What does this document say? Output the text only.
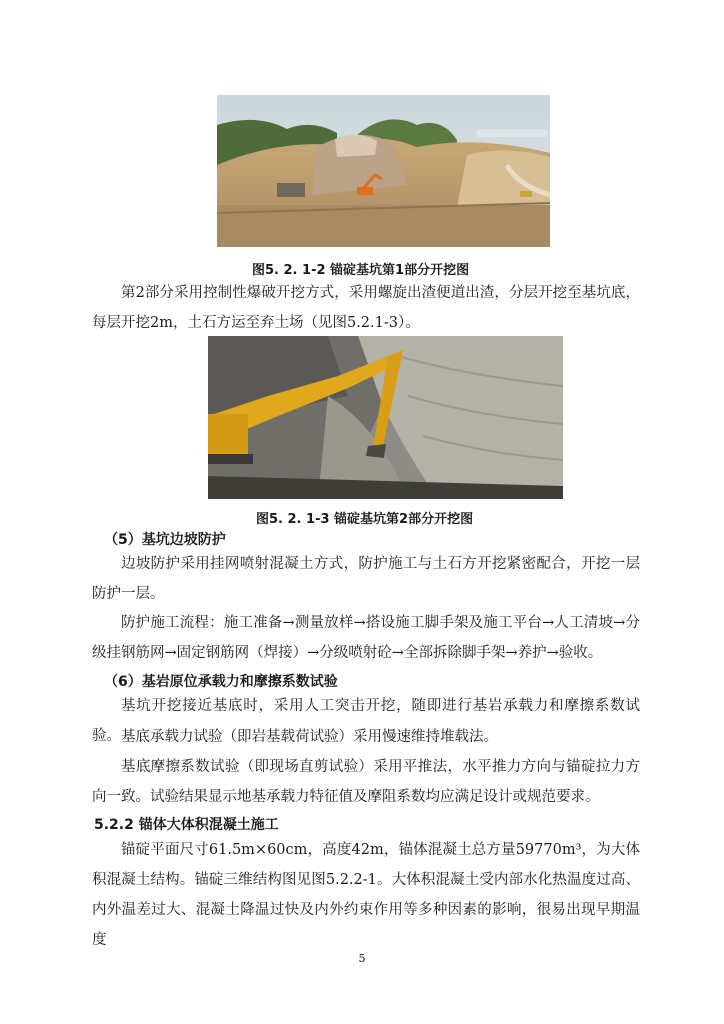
图5. 2. 1-2 锚碇基坑第1部分开挖图

第2部分采用控制性爆破开挖方式，采用螺旋出渣便道出渣，分层开挖至基坑底，每层开挖2m，土石方运至弃土场（见图5.2.1-3）。

图5. 2. 1-3 锚碇基坑第2部分开挖图
（5）基坑边坡防护

边坡防护采用挂网喷射混凝土方式，防护施工与土石方开挖紧密配合，开挖一层防护一层。

防护施工流程：施工准备→测量放样→搭设施工脚手架及施工平台→人工清坡→分级挂钢筋网→固定钢筋网（焊接）→分级喷射砼→全部拆除脚手架→养护→验收。

（6）基岩原位承载力和摩擦系数试验

基坑开挖接近基底时，采用人工突击开挖，随即进行基岩承载力和摩擦系数试验。 基底承载力试验（即岩基载荷试验）采用慢速维持堆载法。

基底摩擦系数试验（即现场直剪试验）采用平推法，水平推力方向与锚碇拉力方向一致。试验结果显示地基承载力特征值及摩阻系数均应满足设计或规范要求。

5.2.2 锚体大体积混凝土施工

锚碇平面尺寸61.5m×60cm，高度42m，锚体混凝土总方量59770m³，为大体积混凝土结构。锚碇三维结构图见图5.2.2-1。大体积混凝土受内部水化热温度过高、内外温差过大、混凝土降温过快及内外约束作用等多种因素的影响，很易出现早期温度

5
